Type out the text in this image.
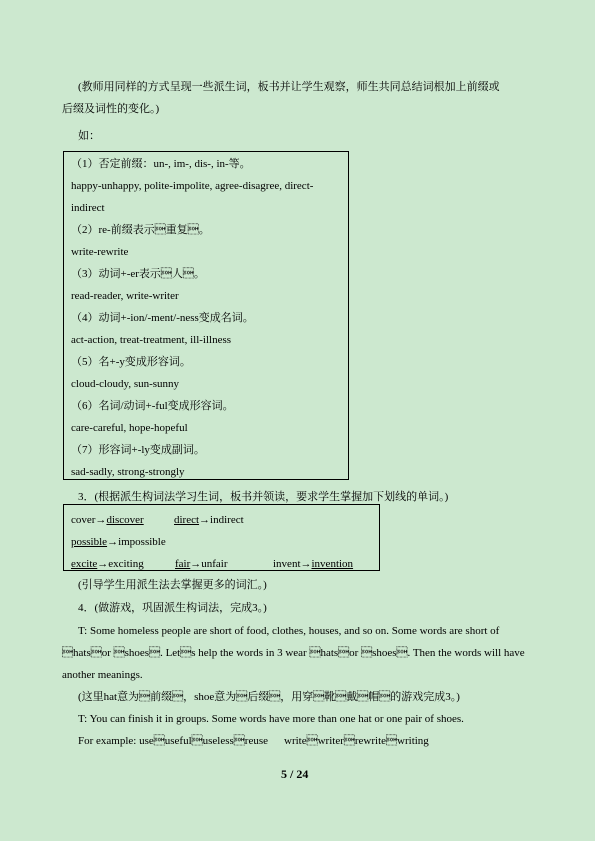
(教师用同样的方式呈现一些派生词，板书并让学生观察，师生共同总结词根加上前缀或
后缀及词性的变化。)
如：
（1）否定前缀：un-, im-, dis-, in-等。
happy-unhappy, polite-impolite, agree-disagree, direct-
indirect
（2）re-前缀表示重复。
write-rewrite
（3）动词+-er表示人。
read-reader, write-writer
（4）动词+-ion/-ment/-ness变成名词。
act-action, treat-treatment, ill-illness
（5）名+-y变成形容词。
cloud-cloudy, sun-sunny
（6）名词/动词+-ful变成形容词。
care-careful, hope-hopeful
（7）形容词+-ly变成副词。
sad-sadly, strong-strongly
3．(根据派生构词法学习生词，板书并领读，要求学生掌握加下划线的单词。)
cover→discover	direct→indirect
possible→impossible
excite→exciting	fair→unfair	invent→invention
(引导学生用派生法去掌握更多的词汇。)
4．(做游戏，巩固派生构词法，完成3。)
T: Some homeless people are short of food, clothes, houses, and so on. Some words are short of
hatsor shoes. Lets help the words in 3 wear hatsor shoes. Then the words will have
another meanings.
(这里hat意为前缀，shoe意为后缀，用穿靴戴帽的游戏完成3。)
T: You can finish it in groups. Some words have more than one hat or one pair of shoes.
For example: useusefuluselessreuse writewriterrewritewriting
5 / 24
